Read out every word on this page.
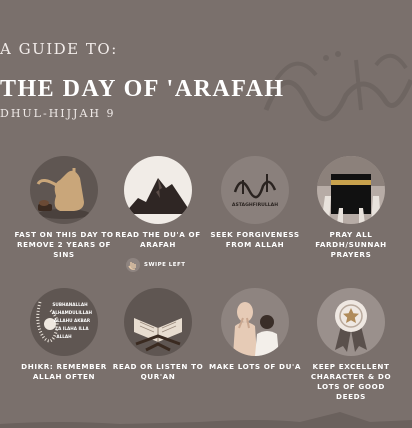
A GUIDE TO:
THE DAY OF 'ARAFAH
DHUL-HIJJAH 9
FAST ON THIS DAY TO REMOVE 2 YEARS OF SINS
READ THE DU'A OF ARAFAH
ASTAGHFIRULLAH
SEEK FORGIVENESS FROM ALLAH
PRAY ALL FARDH/SUNNAH PRAYERS
SWIPE LEFT
SUBHANALLAH
ALHAMDULILLAH
ALLAHU AKBAR
LA ILAHA ILLA
ALLAH
DHIKR: REMEMBER ALLAH OFTEN
READ OR LISTEN TO QUR'AN
MAKE LOTS OF DU'A	KEEP EXCELLENT CHARACTER & DO LOTS OF GOOD DEEDS
